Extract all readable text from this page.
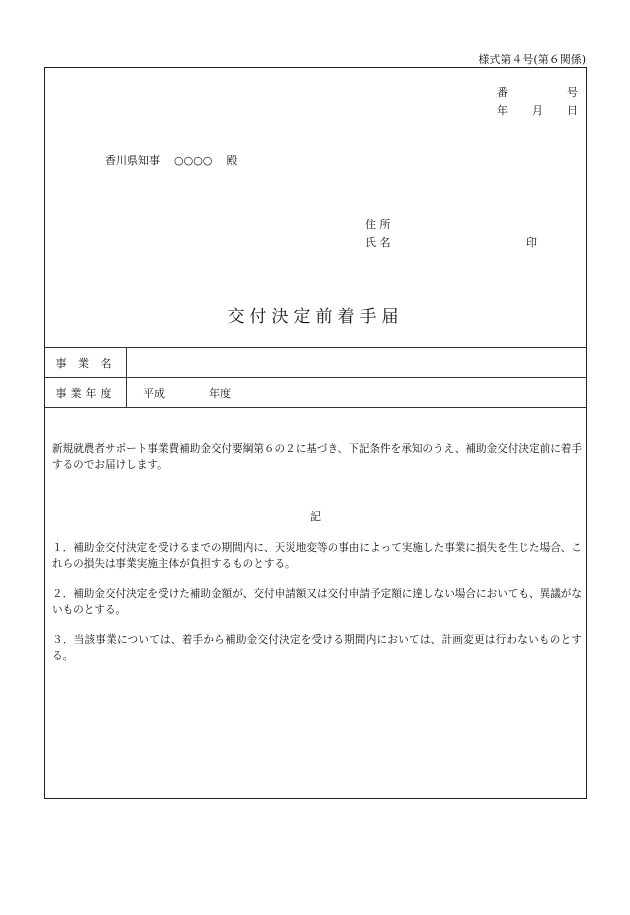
様式第４号(第６関係)
番	号
年 月 日
香川県知事 ○○○○ 殿
住 所
氏 名	印
交付決定前着手届
事 業 名
事業年度	平成	年度
新規就農者サポート事業費補助金交付要綱第６の２に基づき、下記条件を承知のうえ、補助金交付決定前に着手するのでお届けします。
記
１．補助金交付決定を受けるまでの期間内に、天災地変等の事由によって実施した事業に損失を生じた場合、これらの損失は事業実施主体が負担するものとする。
２．補助金交付決定を受けた補助金額が、交付申請額又は交付申請予定額に達しない場合においても、異議がないものとする。
３．当該事業については、着手から補助金交付決定を受ける期間内においては、計画変更は行わないものとする。
